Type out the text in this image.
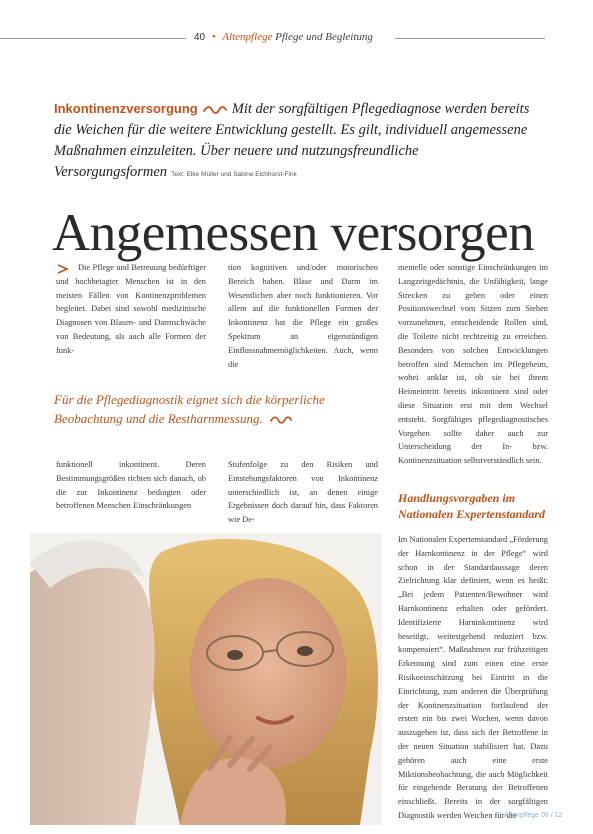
40 • Altenpflege Pflege und Begleitung
Inkontinenzversorgung Mit der sorgfältigen Pflegediagnose werden bereits die Weichen für die weitere Entwicklung gestellt. Es gilt, individuell angemessene Maßnahmen einzuleiten. Über neuere und nutzungsfreundliche Versorgungsformen Text: Elke Müller und Sabine Eichhorst-Fink
Angemessen versorgen
Die Pflege und Betreuung bedürftiger und hochbetagter Menschen ist in den meisten Fällen von Kontinenzproblemen begleitet. Dabei sind sowohl medizinische Diagnosen von Blasen- und Darmschwäche von Bedeutung, als auch alle Formen der funk-
tion kognitiven und/oder motorischen Bereich haben. Blase und Darm im Wesentlichen aber noch funktionieren. Vor allem auf die funktionellen Formen der Inkontinenz hat die Pflege ein großes Spektrum an eigenständigen Einflussnahmemöglichkeiten. Auch, wenn die
mentelle oder sonstige Einschränkungen im Langzeitgedächtnis, die Unfähigkeit, lange Strecken zu gehen oder einen Positionswechsel vom Sitzen zum Stehen vorzunehmen, entscheidende Rollen sind, die Toilette nicht rechtzeitig zu erreichen. Besonders von solchen Entwicklungen betroffen sind Menschen im Pflegeheim, wobei anklar ist, ob sie bei ihrem Heimeintritt bereits inkontinent sind oder diese Situation erst mit dem Wechsel entsteht. Sorgfältiges pflegediagnostisches Vorgehen sollte daher auch zur Unterscheidung der In- bzw. Kontinenzsituation selbstverständlich sein.
Für die Pflegediagnostik eignet sich die körperliche Beobachtung und die Restharnmessung.
funktionell inkontinent. Deren Bestimmungsgrößen richten sich danach, ob die zur Inkontinenz bedingten oder betroffenen Menschen Einschränkungen
Stufenfolge zu den Risiken und Entstehungsfaktoren von Inkontinenz unterschiedlich ist, an denen einige Ergebnissen doch darauf hin, dass Faktoren wie De-
Handlungsvorgaben im Nationalen Expertenstandard
Im Nationalen Expertenstandard „Förderung der Harnkontinenz in der Pflege“ wird schon in der Standardaussage deren Zielrichtung klar definiert, wenn es heißt: „Bei jedem Patienten/Bewohner wird Harnkontinenz erhalten oder gefördert. Identifizierte Harninkontinenz wird beseitigt, weitestgehend reduziert bzw. kompensiert“. Maßnahmen zur frühzeitigen Erkennung sind zum einen eine erste Risikoeinschätzung bei Eintritt in die Einrichtung, zum anderen die Überprüfung der Kontinenzsituation fortlaufend der ersten ein bis zwei Wochen, wenn davon auszugehen ist, dass sich der Betroffene in der neuen Situation stabilisiert hat. Dazu gehören auch eine erste Miktionsbeobachtung, die auch Möglichkeit für eingehende Beratung der Betroffenen einschließt. Bereits in der sorgfältigen Diagnostik werden Weichen für die
Altenpflege 06 / 12
